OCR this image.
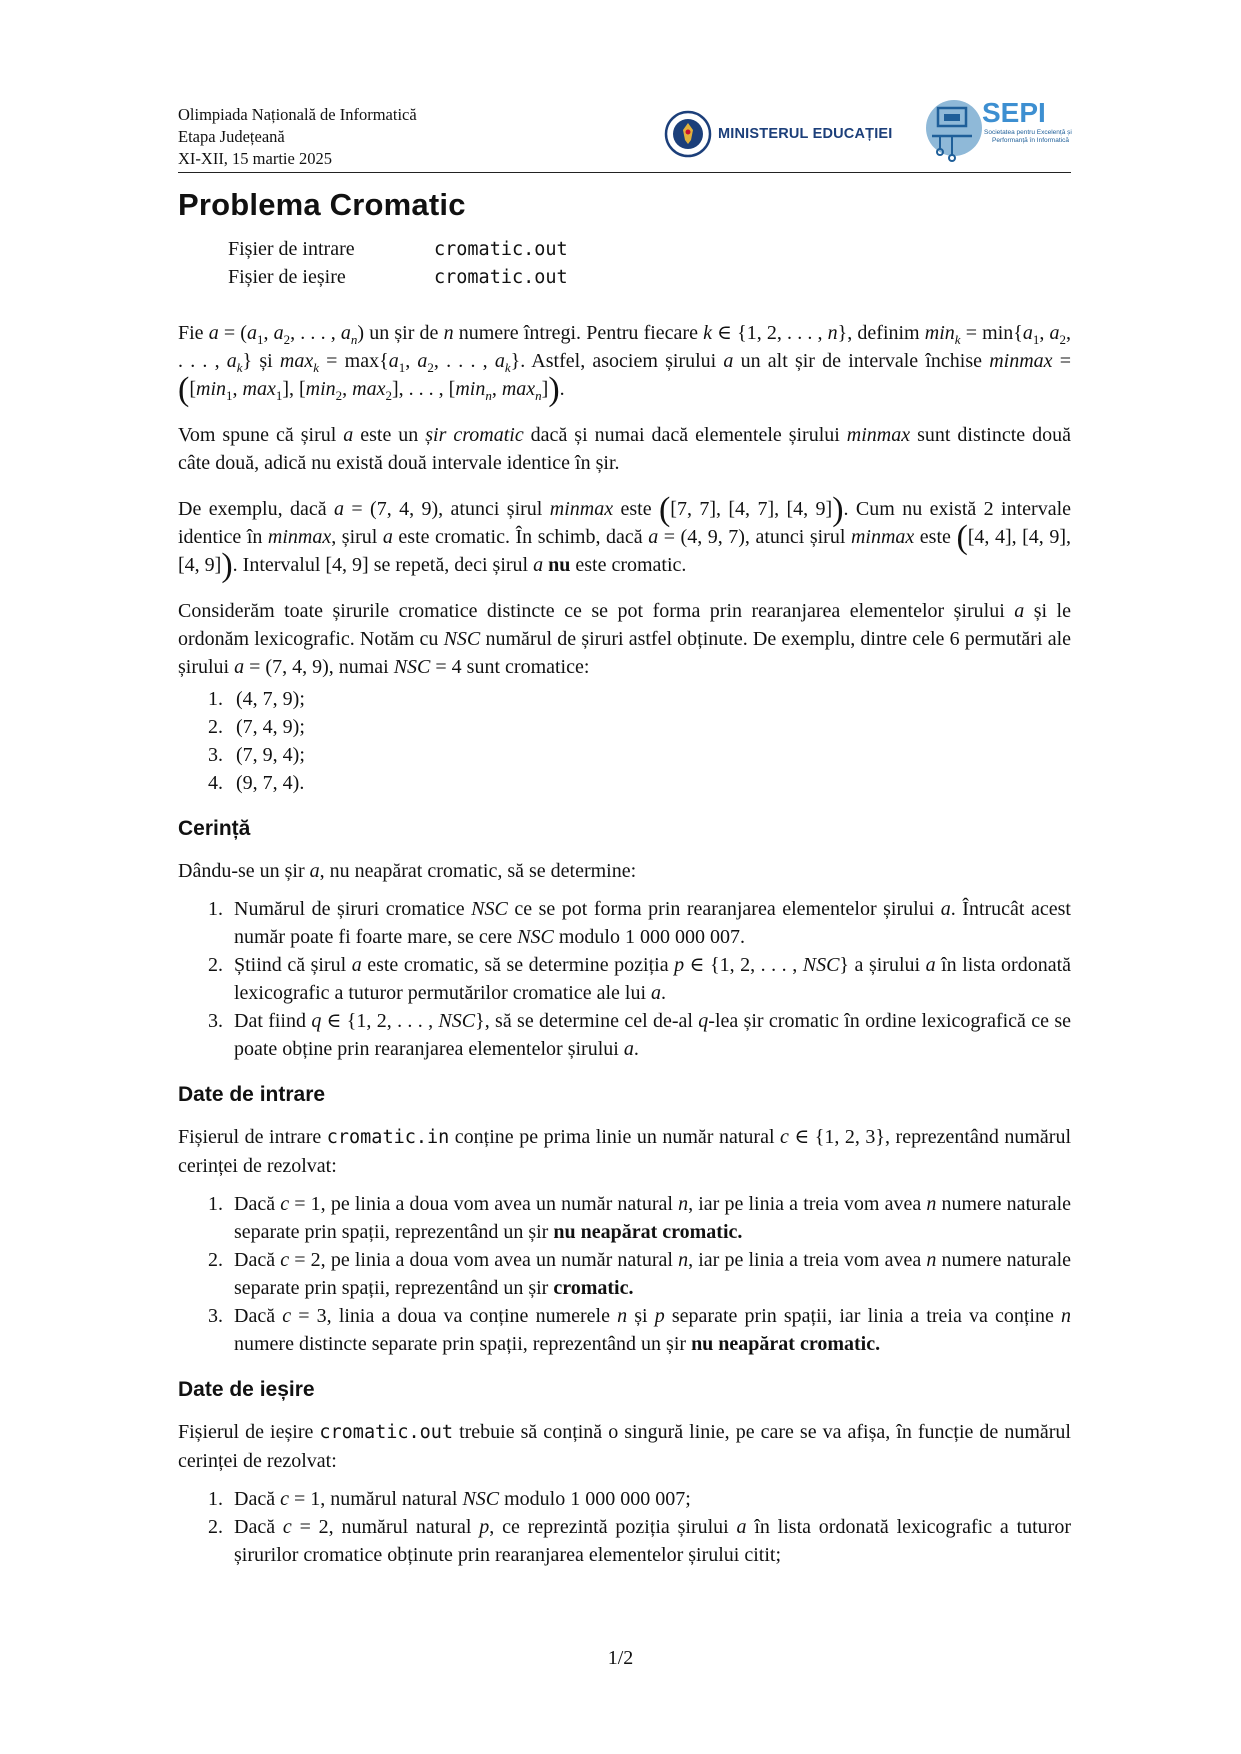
Olimpiada Națională de Informatică
Etapa Județeană
XI-XII, 15 martie 2025
MINISTERUL EDUCAȚIEI
SEPI
Societatea pentru Excelență și
Performanță în Informatică
Problema Cromatic
Fișier de intrare	cromatic.out
Fișier de ieșire	cromatic.out

Fie $a = (a_1$, $a_2$, . . . , $a_n$) un șir de n numere întregi. Pentru fiecare k ∈ {1, 2, . . . , n}, definim $\min_k = \min\{a_1$, $a_2$, . . . , $a_k$} și $\max_k = \max\{a_1$, $a_2$, . . . , $a_k$}. Astfel, asociem șirului a un alt șir de intervale închise $minmax = ([\min_1$, $\max_1$], [$\min_2$, $\max_2$], . . . , [$\min_n$, $\max_n$]).

Vom spune că șirul a este un șir cromatic dacă și numai dacă elementele șirului minmax sunt distincte două câte două, adică nu există două intervale identice în șir.

De exemplu, dacă a = (7, 4, 9), atunci șirul minmax este ([7, 7], [4, 7], [4, 9]). Cum nu există 2 intervale identice în minmax, șirul a este cromatic. În schimb, dacă a = (4, 9, 7), atunci șirul minmax este ([4, 4], [4, 9], [4, 9]). Intervalul [4, 9] se repetă, deci șirul a nu este cromatic.

Considerăm toate șirurile cromatice distincte ce se pot forma prin rearanjarea elementelor șirului a și le ordonăm lexicografic. Notăm cu NSC numărul de șiruri astfel obținute. De exemplu, dintre cele 6 permutări ale șirului a = (7, 4, 9), numai NSC = 4 sunt cromatice:

1. (4, 7, 9);
2. (7, 4, 9);
3. (7, 9, 4);
4. (9, 7, 4).
Cerință

Dându-se un șir a, nu neapărat cromatic, să se determine:

1. Numărul de șiruri cromatice NSC ce se pot forma prin rearanjarea elementelor șirului a. Întrucât acest număr poate fi foarte mare, se cere NSC modulo 1 000 000 007.
2. Știind că șirul a este cromatic, să se determine poziția p ∈ {1, 2, . . . , NSC} a șirului a în lista ordonată lexicografic a tuturor permutărilor cromatice ale lui a.
3. Dat fiind q ∈ {1, 2, . . . , NSC}, să se determine cel de-al q-lea șir cromatic în ordine lexicografică ce se poate obține prin rearanjarea elementelor șirului a.
Date de intrare

Fișierul de intrare cromatic.in conține pe prima linie un număr natural c ∈ {1, 2, 3}, reprezentând numărul cerinței de rezolvat:

1. Dacă c = 1, pe linia a doua vom avea un număr natural n, iar pe linia a treia vom avea n numere naturale separate prin spații, reprezentând un șir nu neapărat cromatic.
2. Dacă c = 2, pe linia a doua vom avea un număr natural n, iar pe linia a treia vom avea n numere naturale separate prin spații, reprezentând un șir cromatic.
3. Dacă c = 3, linia a doua va conține numerele n și p separate prin spații, iar linia a treia va conține n numere distincte separate prin spații, reprezentând un șir nu neapărat cromatic.
Date de ieșire

Fișierul de ieșire cromatic.out trebuie să conțină o singură linie, pe care se va afișa, în funcție de numărul cerinței de rezolvat:

1. Dacă c = 1, numărul natural NSC modulo 1 000 000 007;
2. Dacă c = 2, numărul natural p, ce reprezintă poziția șirului a în lista ordonată lexicografic a tuturor șirurilor cromatice obținute prin rearanjarea elementelor șirului citit;
1/2
